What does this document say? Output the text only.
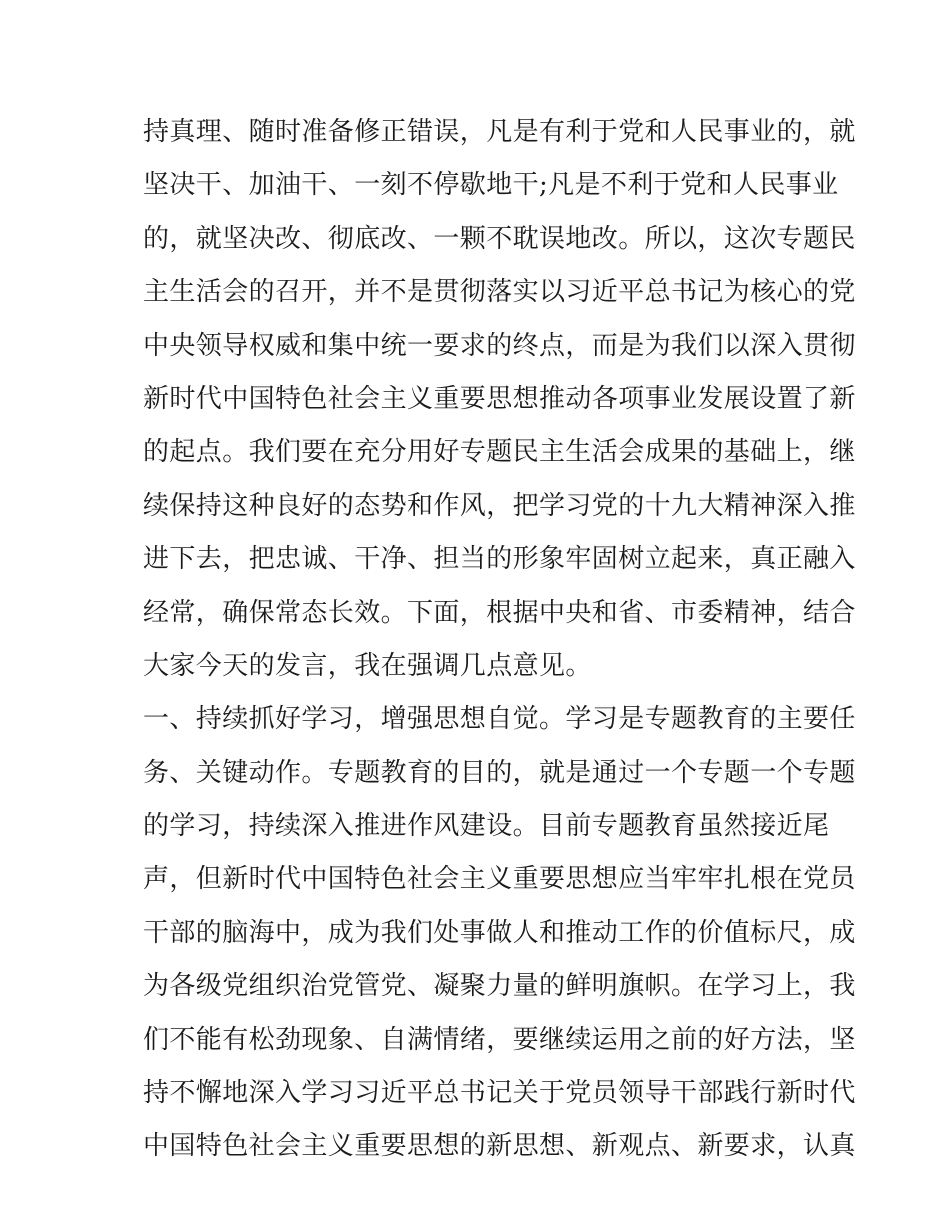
持真理、随时准备修正错误，凡是有利于党和人民事业的，就
坚决干、加油干、一刻不停歇地干;凡是不利于党和人民事业
的，就坚决改、彻底改、一颗不耽误地改。所以，这次专题民
主生活会的召开，并不是贯彻落实以习近平总书记为核心的党
中央领导权威和集中统一要求的终点，而是为我们以深入贯彻
新时代中国特色社会主义重要思想推动各项事业发展设置了新
的起点。我们要在充分用好专题民主生活会成果的基础上，继
续保持这种良好的态势和作风，把学习党的十九大精神深入推
进下去，把忠诚、干净、担当的形象牢固树立起来，真正融入
经常，确保常态长效。下面，根据中央和省、市委精神，结合
大家今天的发言，我在强调几点意见。
一、持续抓好学习，增强思想自觉。学习是专题教育的主要任
务、关键动作。专题教育的目的，就是通过一个专题一个专题
的学习，持续深入推进作风建设。目前专题教育虽然接近尾
声，但新时代中国特色社会主义重要思想应当牢牢扎根在党员
干部的脑海中，成为我们处事做人和推动工作的价值标尺，成
为各级党组织治党管党、凝聚力量的鲜明旗帜。在学习上，我
们不能有松劲现象、自满情绪，要继续运用之前的好方法，坚
持不懈地深入学习习近平总书记关于党员领导干部践行新时代
中国特色社会主义重要思想的新思想、新观点、新要求，认真
